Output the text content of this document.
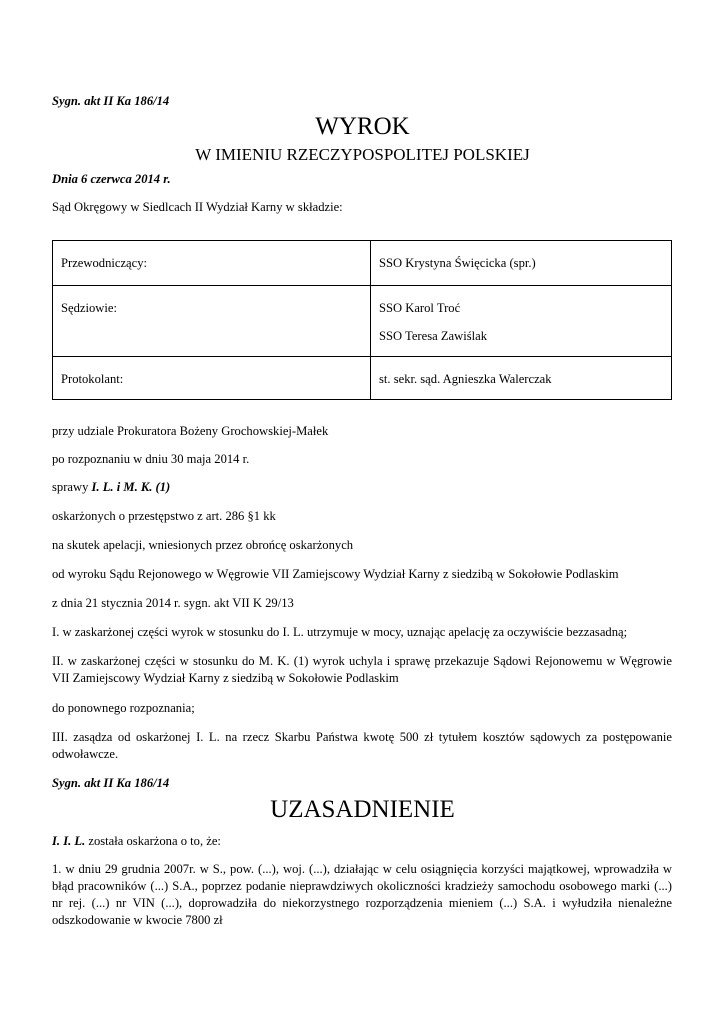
Sygn. akt II Ka 186/14

WYROK

W IMIENIU RZECZYPOSPOLITEJ POLSKIEJ

Dnia 6 czerwca 2014 r.

Sąd Okręgowy w Siedlcach II Wydział Karny w składzie:

Przewodniczący:	SSO Krystyna Święcicka (spr.)
Sędziowie:	SSO Karol Troć
SSO Teresa Zawiślak

Protokolant:	st. sekr. sąd. Agnieszka Walerczak

przy udziale Prokuratora Bożeny Grochowskiej-Małek

po rozpoznaniu w dniu 30 maja 2014 r.

sprawy I. L. i M. K. (1)

oskarżonych o przestępstwo z art. 286 §1 kk

na skutek apelacji, wniesionych przez obrońcę oskarżonych

od wyroku Sądu Rejonowego w Węgrowie VII Zamiejscowy Wydział Karny z siedzibą w Sokołowie Podlaskim

z dnia 21 stycznia 2014 r. sygn. akt VII K 29/13

I. w zaskarżonej części wyrok w stosunku do I. L. utrzymuje w mocy, uznając apelację za oczywiście bezzasadną;

II. w zaskarżonej części w stosunku do M. K. (1) wyrok uchyla i sprawę przekazuje Sądowi Rejonowemu w Węgrowie VII Zamiejscowy Wydział Karny z siedzibą w Sokołowie Podlaskim

do ponownego rozpoznania;

III. zasądza od oskarżonej I. L. na rzecz Skarbu Państwa kwotę 500 zł tytułem kosztów sądowych za postępowanie odwoławcze.

Sygn. akt II Ka 186/14

UZASADNIENIE

I. I. L. została oskarżona o to, że:

1. w dniu 29 grudnia 2007r. w S., pow. (...), woj. (...), działając w celu osiągnięcia korzyści majątkowej, wprowadziła w błąd pracowników (...) S.A., poprzez podanie nieprawdziwych okoliczności kradzieży samochodu osobowego marki (...) nr rej. (...) nr VIN (...), doprowadziła do niekorzystnego rozporządzenia mieniem (...) S.A. i wyłudziła nienależne odszkodowanie w kwocie 7800 zł
